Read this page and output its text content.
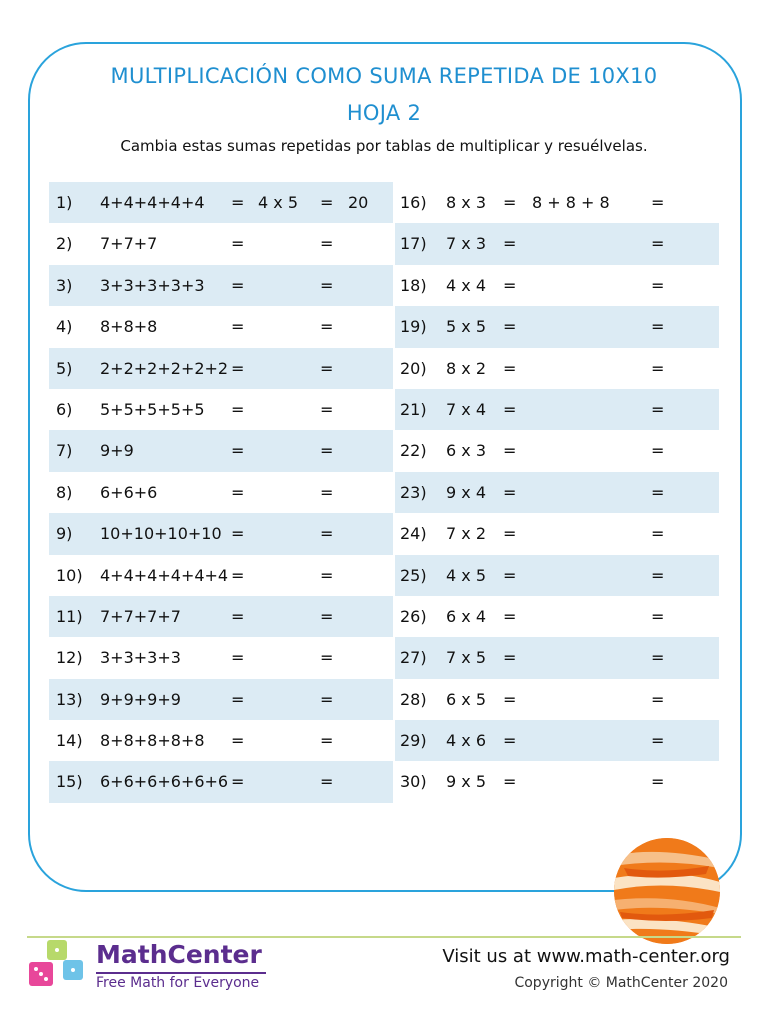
MULTIPLICACIÓN COMO SUMA REPETIDA DE 10X10
HOJA 2
Cambia estas sumas repetidas por tablas de multiplicar y resuélvelas.
1) 4+4+4+4+4 = 4 x 5 = 20
2) 7+7+7	=	=
3) 3+3+3+3+3 =	=
4) 8+8+8	=	=
5) 2+2+2+2+2+2 =	=
6) 5+5+5+5+5 =	=
7) 9+9	=	=
8) 6+6+6	=	=
9) 10+10+10+10 =	=
10) 4+4+4+4+4+4 =	=
11) 7+7+7+7	=	=
12) 3+3+3+3	=	=
13) 9+9+9+9	=	=
14) 8+8+8+8+8 =	=
15) 6+6+6+6+6+6 =	=
16) 8 x 3 = 8 + 8 + 8	=
17) 7 x 3 =	=
18) 4 x 4 =	=
19) 5 x 5 =	=
20) 8 x 2 =	=
21) 7 x 4 =	=
22) 6 x 3 =	=
23) 9 x 4 =	=
24) 7 x 2 =	=
25) 4 x 5 =	=
26) 6 x 4 =	=
27) 7 x 5 =	=
28) 6 x 5 =	=
29) 4 x 6 =	=
30) 9 x 5 =	=
MathCenter
Free Math for Everyone
Visit us at www.math-center.org
Copyright © MathCenter 2020
